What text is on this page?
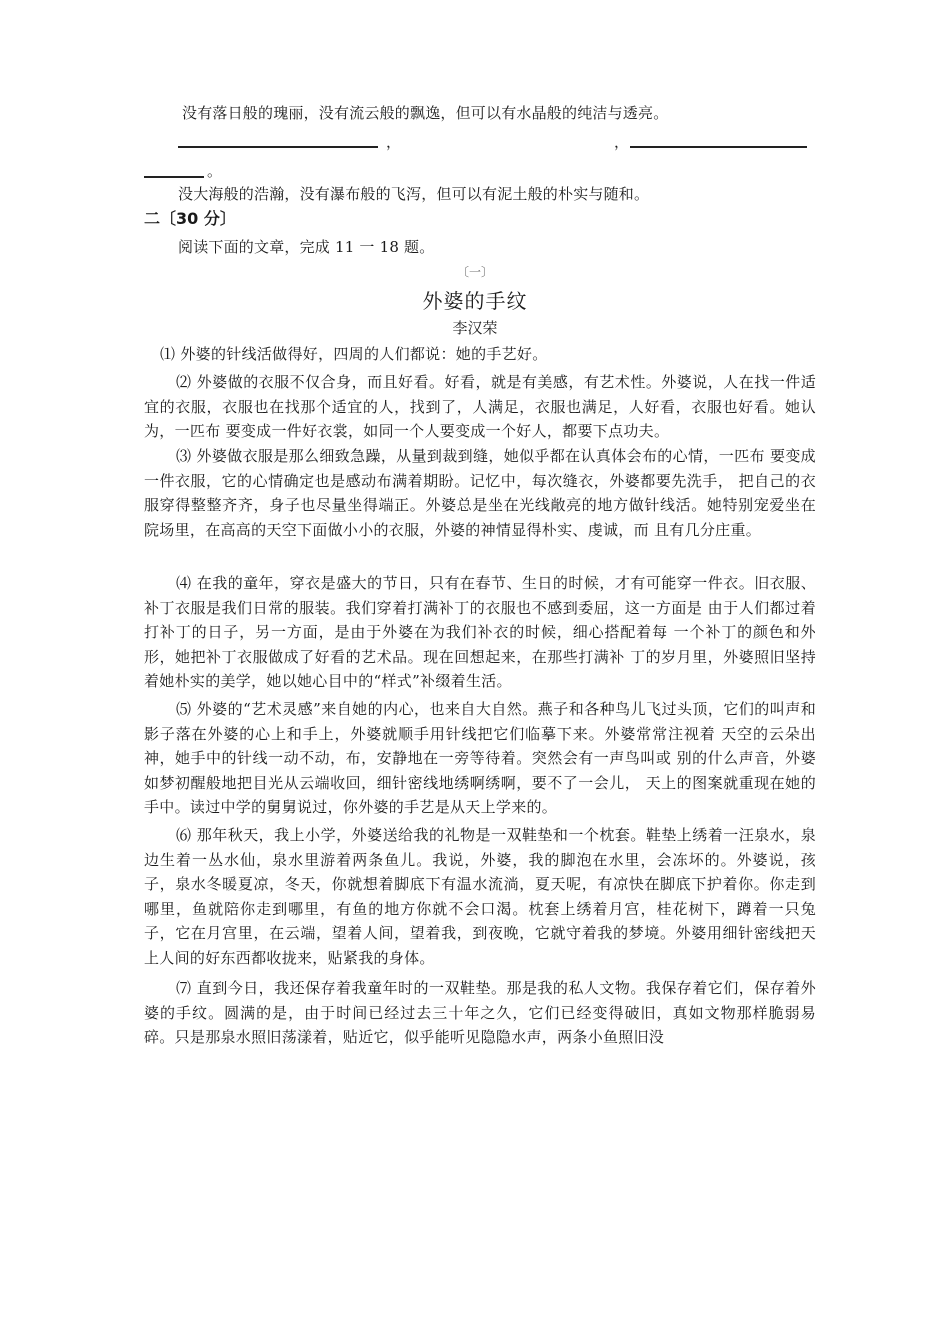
没有落日般的瑰丽，没有流云般的飘逸，但可以有水晶般的纯洁与透亮。
，	，
。
没大海般的浩瀚，没有瀑布般的飞泻，但可以有泥土般的朴实与随和。
二〔30 分〕
阅读下面的文章，完成 11 一 18 题。
〔一〕
外婆的手纹
李汉荣
⑴ 外婆的针线活做得好，四周的人们都说：她的手艺好。
⑵ 外婆做的衣服不仅合身，而且好看。好看，就是有美感，有艺术性。外婆说，人在找一件适宜的衣服，衣服也在找那个适宜的人，找到了，人满足，衣服也满足，人好看，衣服也好看。她认为，一匹布 要变成一件好衣裳，如同一个人要变成一个好人，都要下点功夫。
⑶ 外婆做衣服是那么细致急躁，从量到裁到缝，她似乎都在认真体会布的心情，一匹布 要变成一件衣服，它的心情确定也是感动布满着期盼。记忆中，每次缝衣，外婆都要先洗手， 把自己的衣服穿得整整齐齐，身子也尽量坐得端正。外婆总是坐在光线敞亮的地方做针线活。她特别宠爱坐在院场里，在高高的天空下面做小小的衣服，外婆的神情显得朴实、虔诚，而 且有几分庄重。
⑷ 在我的童年，穿衣是盛大的节日，只有在春节、生日的时候，才有可能穿一件衣。旧衣服、补丁衣服是我们日常的服装。我们穿着打满补丁的衣服也不感到委屈，这一方面是 由于人们都过着打补丁的日子，另一方面，是由于外婆在为我们补衣的时候，细心搭配着每 一个补丁的颜色和外形，她把补丁衣服做成了好看的艺术品。现在回想起来，在那些打满补 丁的岁月里，外婆照旧坚持着她朴实的美学，她以她心目中的“样式”补缀着生活。
⑸ 外婆的“艺术灵感”来自她的内心，也来自大自然。燕子和各种鸟儿飞过头顶，它们的叫声和影子落在外婆的心上和手上，外婆就顺手用针线把它们临摹下来。外婆常常注视着 天空的云朵出神，她手中的针线一动不动，布，安静地在一旁等待着。突然会有一声鸟叫或 别的什么声音，外婆如梦初醒般地把目光从云端收回，细针密线地绣啊绣啊，要不了一会儿， 天上的图案就重现在她的手中。读过中学的舅舅说过，你外婆的手艺是从天上学来的。
⑹ 那年秋天，我上小学，外婆送给我的礼物是一双鞋垫和一个枕套。鞋垫上绣着一汪泉水，泉边生着一丛水仙，泉水里游着两条鱼儿。我说，外婆，我的脚泡在水里，会冻坏的。外婆说，孩子，泉水冬暖夏凉，冬天，你就想着脚底下有温水流淌，夏天呢，有凉快在脚底下护着你。你走到哪里，鱼就陪你走到哪里，有鱼的地方你就不会口渴。枕套上绣着月宫，桂花树下，蹲着一只兔子，它在月宫里，在云端，望着人间，望着我，到夜晚，它就守着我的梦境。外婆用细针密线把天上人间的好东西都收拢来，贴紧我的身体。
⑺ 直到今日，我还保存着我童年时的一双鞋垫。那是我的私人文物。我保存着它们，保存着外婆的手纹。圆满的是，由于时间已经过去三十年之久，它们已经变得破旧，真如文物那样脆弱易碎。只是那泉水照旧荡漾着，贴近它，似乎能听见隐隐水声，两条小鱼照旧没
